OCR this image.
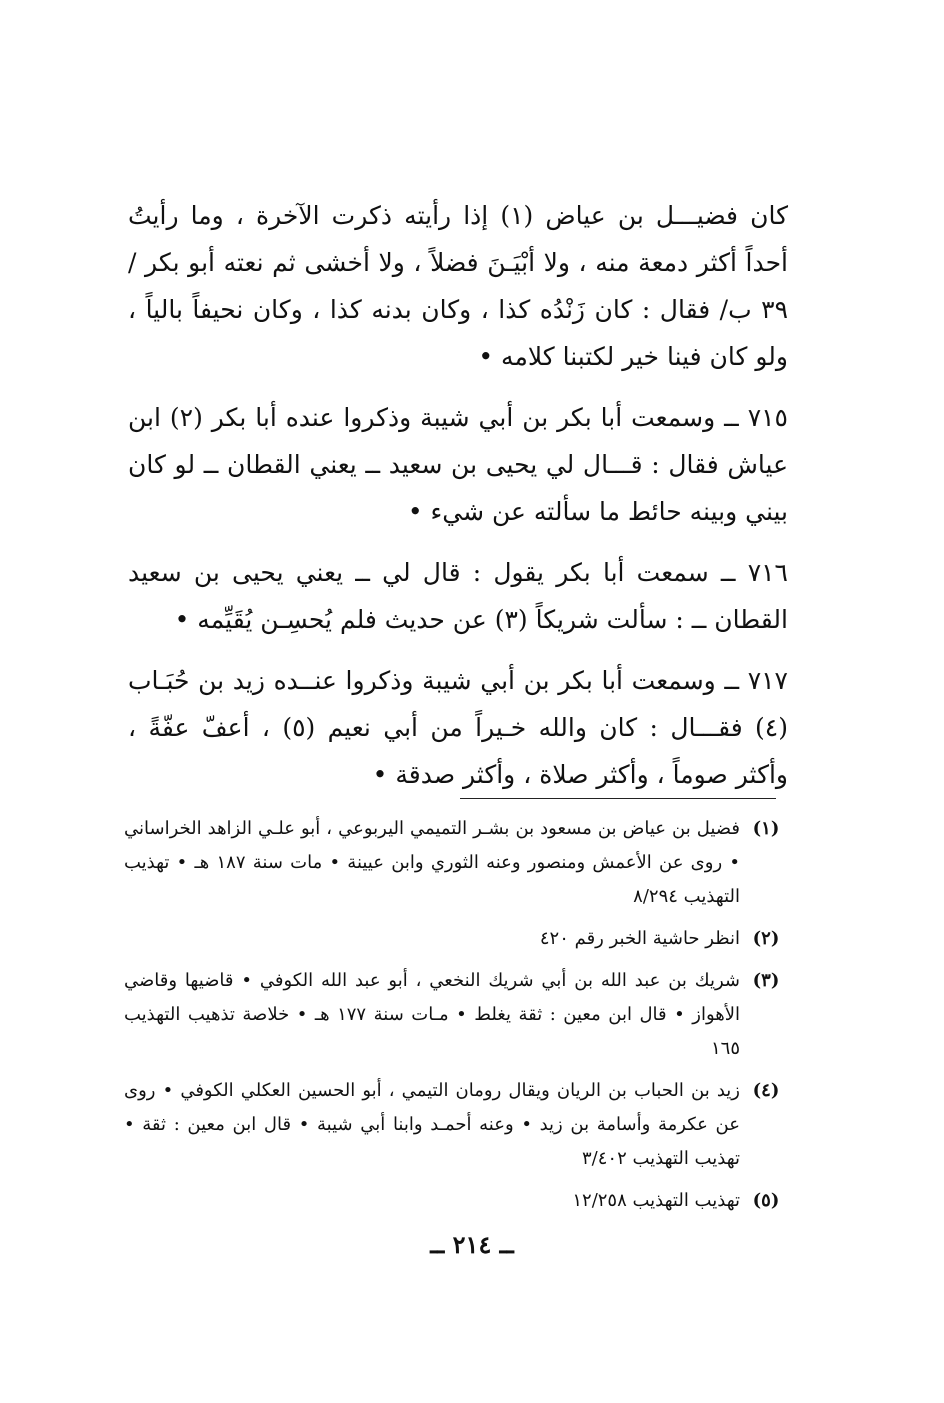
كان فضيـــل بن عياض (١) إذا رأيته ذكرت الآخرة ، وما رأيتُ أحداً أكثر دمعة منه ، ولا أبْيَـنَ فضلاً ، ولا أخشى ثم نعته أبو بكر /٣٩ ب/ فقال : كان زَنْدُه كذا ، وكان بدنه كذا ، وكان نحيفاً بالياً ، ولو كان فينا خير لكتبنا كلامه •

٧١٥ ــ وسمعت أبا بكر بن أبي شيبة وذكروا عنده أبا بكر (٢) ابن عياش فقال : قـــال لي يحيى بن سعيد ــ يعني القطان ــ لو كان بيني وبينه حائط ما سألته عن شيء •

٧١٦ ــ سمعت أبا بكر يقول : قال لي ــ يعني يحيى بن سعيد القطان ــ : سألت شريكاً (٣) عن حديث فلم يُحسِـن يُقَيِّمه •

٧١٧ ــ وسمعت أبا بكر بن أبي شيبة وذكروا عنــده زيد بن حُبَـاب (٤) فقـــال : كان والله خـيراً من أبي نعيم (٥) ، أعفّ عفّةً ، وأكثر صوماً ، وأكثر صلاة ، وأكثر صدقة •

(١)
فضيل بن عياض بن مسعود بن بشـر التميمي اليربوعي ، أبو علـي الزاهد الخراساني • روى عن الأعمش ومنصور وعنه الثوري وابن عيينة • مات سنة ١٨٧ هـ • تهذيب التهذيب ٨/٢٩٤
(٢)
انظر حاشية الخبر رقم ٤٢٠
(٣)
شريك بن عبد الله بن أبي شريك النخعي ، أبو عبد الله الكوفي • قاضيها وقاضي الأهواز • قال ابن معين : ثقة يغلط • مـات سنة ١٧٧ هـ • خلاصة تذهيب التهذيب ١٦٥
(٤)
زيد بن الحباب بن الريان ويقال رومان التيمي ، أبو الحسين العكلي الكوفي • روى عن عكرمة وأسامة بن زيد • وعنه أحمـد وابنا أبي شيبة • قال ابن معين : ثقة • تهذيب التهذيب ٣/٤٠٢
(٥)
تهذيب التهذيب ١٢/٢٥٨
ــ ٢١٤ ــ
